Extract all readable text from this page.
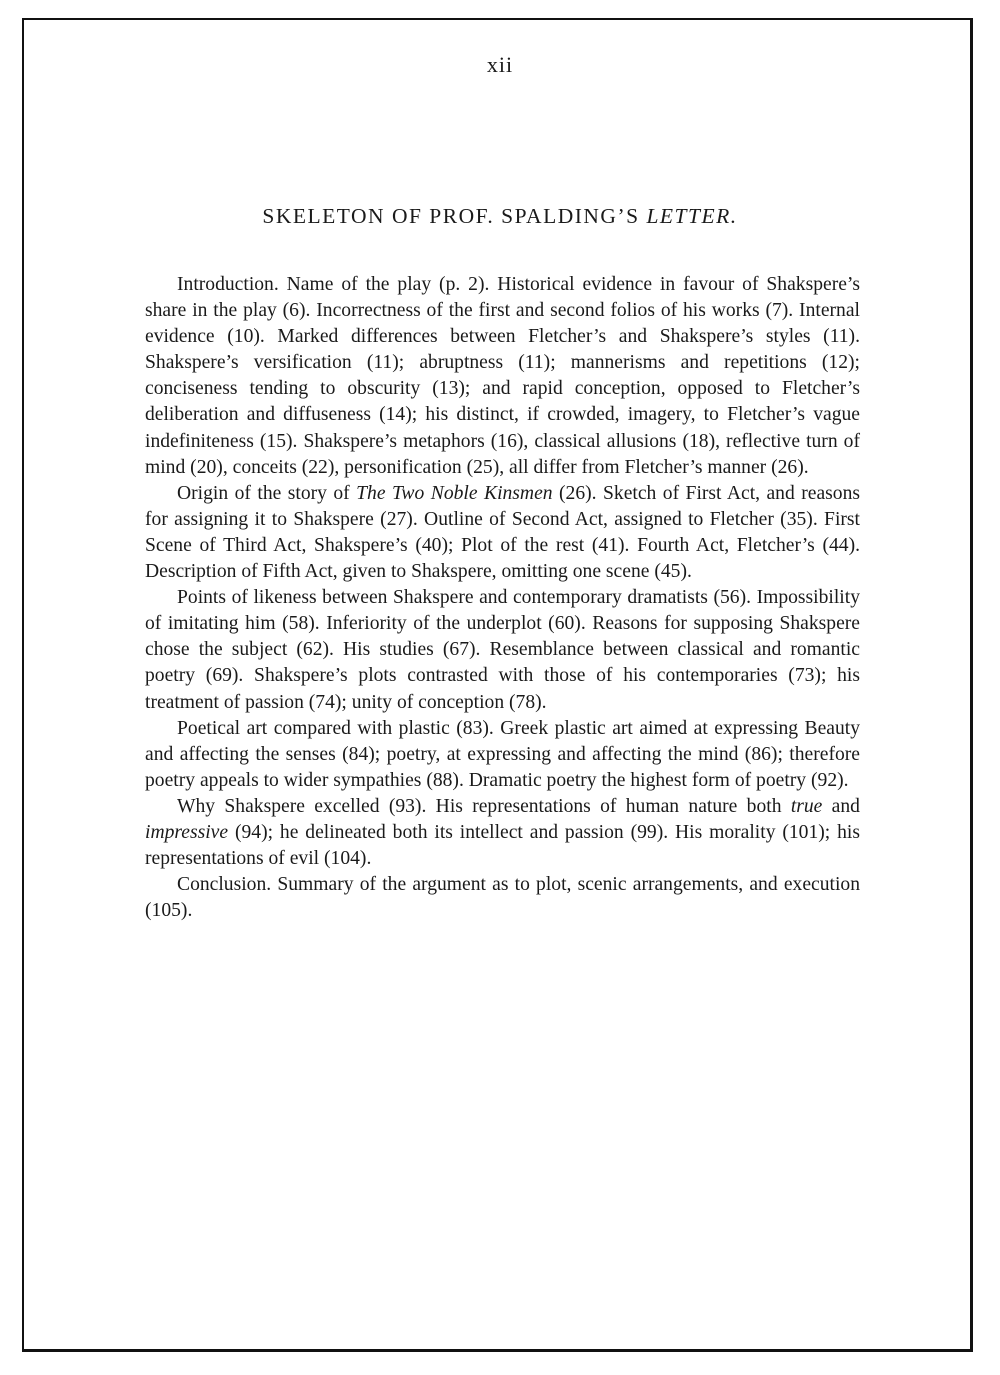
xii
SKELETON OF PROF. SPALDING’S LETTER.

Introduction. Name of the play (p. 2). Historical evidence in favour of Shakspere’s share in the play (6). Incorrectness of the first and second folios of his works (7). Internal evidence (10). Marked differences between Fletcher’s and Shakspere’s styles (11). Shakspere’s versification (11); abruptness (11); mannerisms and repetitions (12); conciseness tending to obscurity (13); and rapid conception, opposed to Fletcher’s deliberation and diffuseness (14); his distinct, if crowded, imagery, to Fletcher’s vague indefiniteness (15). Shakspere’s metaphors (16), classical allusions (18), reflective turn of mind (20), conceits (22), personification (25), all differ from Fletcher’s manner (26).

Origin of the story of The Two Noble Kinsmen (26). Sketch of First Act, and reasons for assigning it to Shakspere (27). Outline of Second Act, assigned to Fletcher (35). First Scene of Third Act, Shakspere’s (40); Plot of the rest (41). Fourth Act, Fletcher’s (44). Description of Fifth Act, given to Shakspere, omitting one scene (45).

Points of likeness between Shakspere and contemporary dramatists (56). Impossibility of imitating him (58). Inferiority of the underplot (60). Reasons for supposing Shakspere chose the subject (62). His studies (67). Resemblance between classical and romantic poetry (69). Shakspere’s plots contrasted with those of his contemporaries (73); his treatment of passion (74); unity of conception (78).

Poetical art compared with plastic (83). Greek plastic art aimed at expressing Beauty and affecting the senses (84); poetry, at expressing and affecting the mind (86); therefore poetry appeals to wider sympathies (88). Dramatic poetry the highest form of poetry (92).

Why Shakspere excelled (93). His representations of human nature both true and impressive (94); he delineated both its intellect and passion (99). His morality (101); his representations of evil (104).

Conclusion. Summary of the argument as to plot, scenic arrangements, and execution (105).
